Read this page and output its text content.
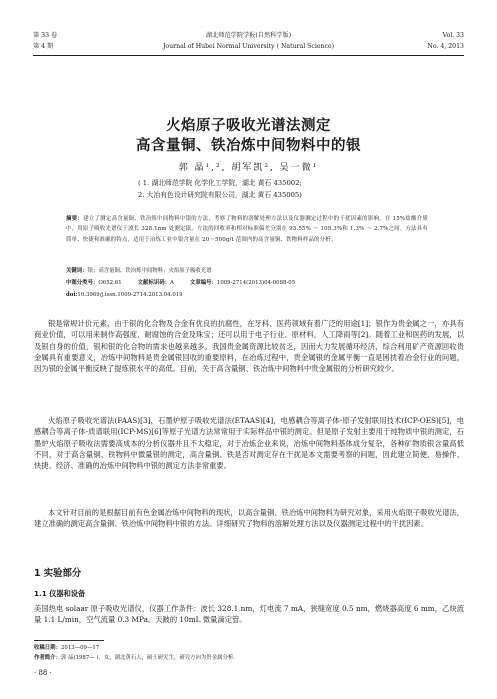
第 33 卷	湖北师范学院学报(自然科学版)	Vol. 33
第 4 期	Journal of Hubei Normal University ( Natural Science)	No. 4, 2013
火焰原子吸收光谱法测定
高含量铜、铁冶炼中间物料中的银
郭 晶¹,², 胡军凯², 吴一微¹
( 1. 湖北师范学院 化学化工学院，湖北 黄石 435002;
2. 大冶有色设计研究院有限公司，湖北 黄石 435005)
摘要：建立了测定高含量铜、铁冶炼中间物料中银的方法，考察了物料的溶解处理方法以及仪器测定过程中的干扰因素的影响。在 15%盐酸介质中，用原子吸收光谱仪于波长 328.1nm 处测定银，方法的回收率和相对标准偏差分别在 93.55% ～ 109.3%和 1.3% ～ 2.7%之间。方法具有简单、快捷和准确的特点，适用于冶炼工业中银含量在 20～500g/t 范围内的高含量铜、铁物料样品的分析。
关键词：银；高含量铜、铁冶炼中间物料；火焰原子吸收光谱
中图分类号：O652.61	文献标识码：A	文章编号：1009-2714(2013)04-0088-05
doi:10.3969/j.issn.1009-2714.2013.04.019
银是常规计价元素，由于银的化合物及合金有优良的抗腐性，在牙科、医药领域有着广泛的用途[1]；银作为贵金属之一，亦具有商业价值，可以用来制作高强度、耐腐蚀的合金及珠宝；还可以用于电子行业、原材料，人工降雨等[2]。随着工业和医药的发展，以及银自身的价值，银和银的化合物的需求也越来越多。我国贵金属资源比较贫乏，因而大力发展循环经济，综合利用矿产资源回收贵金属具有重要意义，冶炼中间物料是贵金属银回收的重要原料，在冶炼过程中，贵金属银的金属平衡一直是困扰着冶金行业的问题，因为银的金属平衡反映了提炼银水平的高低。目前，关于高含量铜、铁冶炼中间物料中贵金属银的分析研究较少。
火焰原子吸收光谱法(FAAS)[3]，石墨炉原子吸收光谱法(ETAAS)[4]，电感耦合等离子体-原子发射联用技术(ICP-OES)[5]，电感耦合等离子体-质谱联用(ICP-MS)[6]等原子光谱方法常常用于实际样品中银的测定。但是原子发射主要用于纯物质中银的测定，石墨炉火焰原子吸收法需要高成本的分析仪器并且不太稳定，对于冶炼企业来说，冶炼中间物料基体成分复杂，各种矿物质银含量高低不同，对于高含量铜、铁物料中微量银的测定，高含量铜、铁是否对测定存在干扰是本文需要考察的问题，因此建立简便、易操作、快捷、经济、准确的冶炼中间物料中银的测定方法非常重要。
本文针对目前的是根据目前有色金属冶炼中间物料的现状，以高含量铜、铁冶炼中间物料为研究对象，采用火焰原子吸收光谱法，建立准确的测定高含量铜、铁冶炼中间物料中银的方法。详细研究了物料的溶解处理方法以及仪器测定过程中的干扰因素。
1 实验部分
1.1 仪器和设备
美国热电 solaar 原子吸收光谱仪，仪器工作条件：波长 328.1 nm，灯电流 7 mA，狭缝宽度 0.5 nm，燃烧器高度 6 mm，乙炔流量 1.1 L/min，空气流量 0.3 MPa。天跛的 10mL 微量滴定管。
收稿日期：2013—09—17
作者简介：郭 晶(1987— )，女，湖北黄石人，硕士研究生，研究方向为贵金属分析.
· 88 ·
